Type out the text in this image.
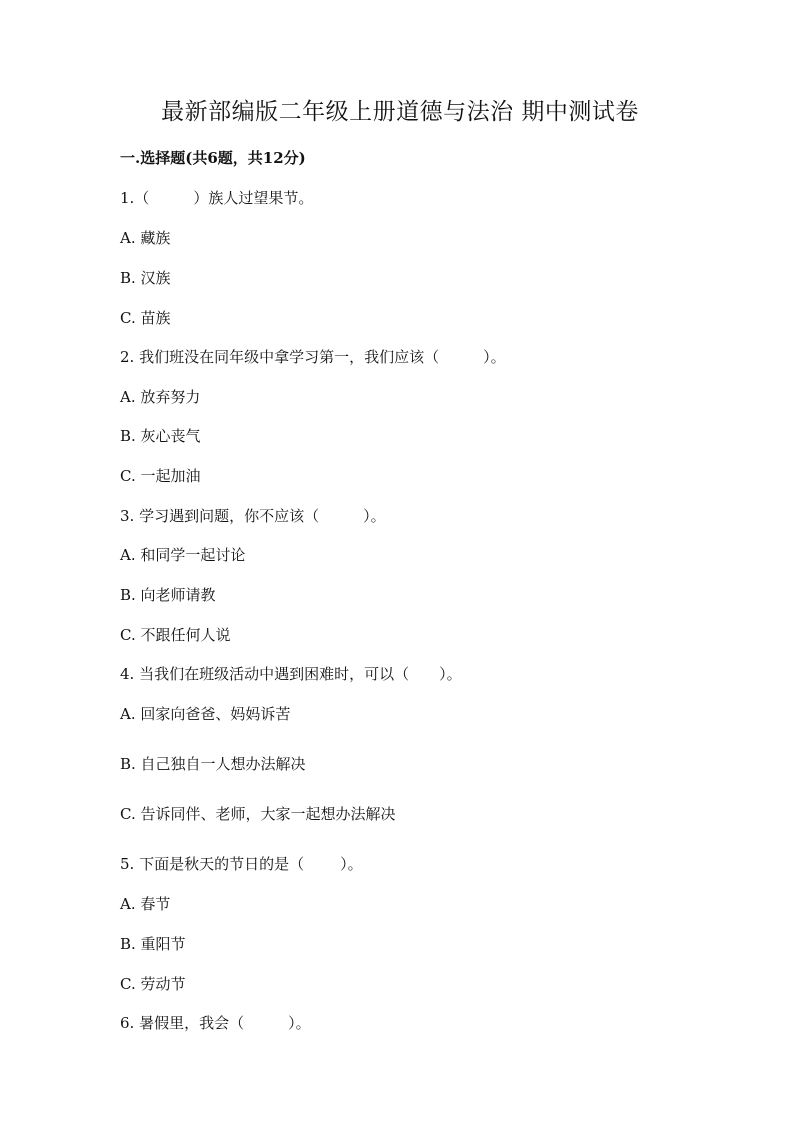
最新部编版二年级上册道德与法治 期中测试卷

一.选择题(共6题，共12分)

1.（	）族人过望果节。

A. 藏族

B. 汉族

C. 苗族

2. 我们班没在同年级中拿学习第一，我们应该（	）。

A. 放弃努力

B. 灰心丧气

C. 一起加油

3. 学习遇到问题，你不应该（	）。

A. 和同学一起讨论

B. 向老师请教

C. 不跟任何人说

4. 当我们在班级活动中遇到困难时，可以（ ）。

A. 回家向爸爸、妈妈诉苦

B. 自己独自一人想办法解决

C. 告诉同伴、老师，大家一起想办法解决

5. 下面是秋天的节日的是（ ）。

A. 春节

B. 重阳节

C. 劳动节

6. 暑假里，我会（	）。
